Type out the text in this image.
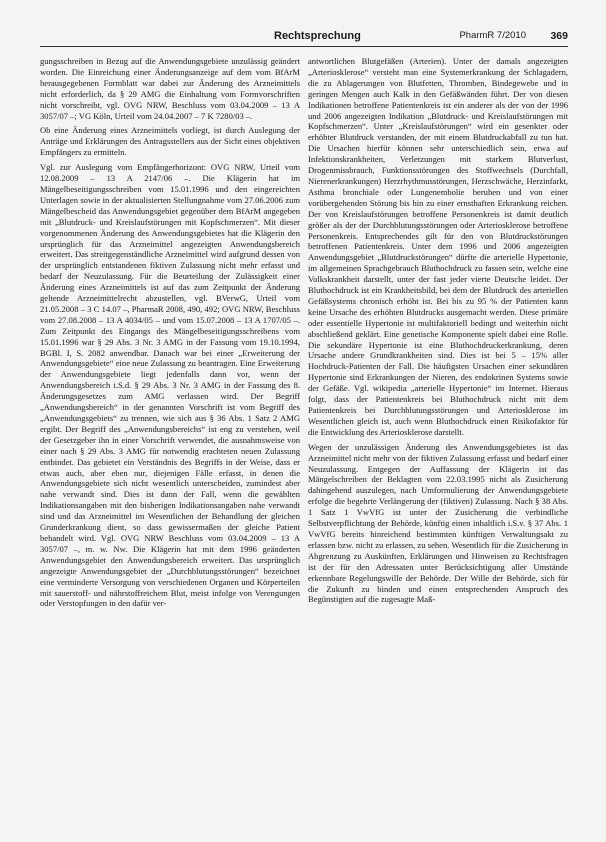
Rechtsprechung	PharmR 7/2010	369

gungsschreiben in Bezug auf die Anwendungsgebiete unzulässig geändert worden. Die Einreichung einer Änderungsanzeige auf dem vom BfArM herausgegebenen Formblatt war dabei zur Änderung des Arzneimittels nicht erforderlich, da § 29 AMG die Einhaltung vom Formvorschriften nicht vorschreibt, vgl. OVG NRW, Beschluss vom 03.04.2009 – 13 A 3057/07 –; VG Köln, Urteil vom 24.04.2007 – 7 K 7280/03 –.

Ob eine Änderung eines Arzneimittels vorliegt, ist durch Auslegung der Anträge und Erklärungen des Antragsstellers aus der Sicht eines objektiven Empfängers zu ermitteln.

Vgl. zur Auslegung vom Empfängerhorizont: OVG NRW, Urteil vom 12.08.2009 – 13 A 2147/06 –. Die Klägerin hat im Mängelbeseitigungsschreiben vom 15.01.1996 und den eingereichten Unterlagen sowie in der aktualisierten Stellungnahme vom 27.06.2006 zum Mängelbescheid das Anwendungsgebiet gegenüber dem BfArM angegeben mit „Blutdruck- und Kreislaufstörungen mit Kopfschmerzen“. Mit dieser vorgenommenen Änderung des Anwendungsgebietes hat die Klägerin den ursprünglich für das Arzneimittel angezeigten Anwendungsbereich erweitert. Das streitgegenständliche Arzneimittel wird aufgrund dessen von der ursprünglich entstandenen fiktiven Zulassung nicht mehr erfasst und bedarf der Neuzulassung. Für die Beurteilung der Zulässigkeit einer Änderung eines Arzneimittels ist auf das zum Zeitpunkt der Änderung geltende Arzneimittelrecht abzustellen, vgl. BVerwG, Urteil vom 21.05.2008 – 3 C 14.07 –, PharmaR 2008, 490, 492; OVG NRW, Beschluss vom 27.08.2008 – 13 A 4034/05 – und vom 15.07.2008 – 13 A 1707/05 –. Zum Zeitpunkt des Eingangs des Mängelbeseitigungsschreibens vom 15.01.1996 war § 29 Abs. 3 Nr. 3 AMG in der Fassung vom 19.10.1994, BGBl. I, S. 2082 anwendbar. Danach war bei einer „Erweiterung der Anwendungsgebiete“ eine neue Zulassung zu beantragen. Eine Erweiterung der Anwendungsgebiete liegt jedenfalls dann vor, wenn der Anwendungsbereich i.S.d. § 29 Abs. 3 Nr. 3 AMG in der Fassung des 8. Änderungsgesetzes zum AMG verlassen wird. Der Begriff „Anwendungsbereich“ in der genannten Vorschrift ist vom Begriff des „Anwendungsgebiets“ zu trennen, wie sich aus § 36 Abs. 1 Satz 2 AMG ergibt. Der Begriff des „Anwendungsbereichs“ ist eng zu verstehen, weil der Gesetzgeber ihn in einer Vorschrift verwendet, die ausnahmsweise von einer nach § 29 Abs. 3 AMG für notwendig erachteten neuen Zulassung entbindet. Das gebietet ein Verständnis des Begriffs in der Weise, dass er etwas auch, aber eben nur, diejenigen Fälle erfasst, in denen die Anwendungsgebiete sich nicht wesentlich unterscheiden, zumindest aber nahe verwandt sind. Dies ist dann der Fall, wenn die gewählten Indikationsangaben mit den bisherigen Indikationsangaben nahe verwandt sind und das Arzneimittel im Wesentlichen der Behandlung der gleichen Grunderkrankung dient, so dass gewissermaßen der gleiche Patient behandelt wird. Vgl. OVG NRW Beschluss vom 03.04.2009 – 13 A 3057/07 –, m. w. Nw. Die Klägerin hat mit dem 1996 geänderten Anwendungsgebiet den Anwendungsbereich erweitert. Das ursprünglich angezeigte Anwendungsgebiet der „Durchblutungsstörungen“ bezeichnet eine verminderte Versorgung von verschiedenen Organen und Körperteilen mit sauerstoff- und nährstoffreichem Blut, meist infolge von Verengungen oder Verstopfungen in den dafür ver-

antwortlichen Blutgefäßen (Arterien). Unter der damals angezeigten „Arteriosklerose“ versteht man eine Systemerkrankung der Schlagadern, die zu Ablagerungen von Blutfetten, Thromben, Bindegewebe und in geringen Mengen auch Kalk in den Gefäßwänden führt. Der von diesen Indikationen betroffene Patientenkreis ist ein anderer als der von der 1996 und 2006 angezeigten Indikation „Blutdruck- und Kreislaufstörungen mit Kopfschmerzen“. Unter „Kreislaufstörungen“ wird ein gesenkter oder erhöhter Blutdruck verstanden, der mit einem Blutdruckabfall zu tun hat. Die Ursachen hierfür können sehr unterschiedlich sein, etwa auf Infektionskrankheiten, Verletzungen mit starkem Blutverlust, Drogenmissbrauch, Funktionsstörungen des Stoffwechsels (Durchfall, Nierenerkrankungen) Herzrhythmusstörungen, Herzschwäche, Herzinfarkt, Asthma bronchiale oder Lungenembolie beruhen und von einer vorübergehenden Störung bis hin zu einer ernsthaften Erkrankung reichen. Der von Kreislaufstörungen betroffene Personenkreis ist damit deutlich größer als der der Durchblutungsstörungen oder Arteriosklerose betroffene Personenkreis. Entsprechendes gilt für den von Blutdruckstörungen betroffenen Patientenkreis. Unter dem 1996 und 2006 angezeigten Anwendungsgebiet „Blutdruckstörungen“ dürfte die arterielle Hypertonie, im allgemeinen Sprachgebrauch Bluthochdruck zu fassen sein, welche eine Volkskrankheit darstellt, unter der fast jeder vierte Deutsche leidet. Der Bluthochdruck ist ein Krankheitsbild, bei dem der Blutdruck des arteriellen Gefäßsystems chronisch erhöht ist. Bei bis zu 95 % der Patienten kann keine Ursache des erhöhten Blutdrucks ausgemacht werden. Diese primäre oder essentielle Hypertonie ist multifaktoriell bedingt und weiterhin nicht abschließend geklärt. Eine genetische Komponente spielt dabei eine Rolle. Die sekundäre Hypertonie ist eine Bluthochdruckerkrankung, deren Ursache andere Grundkrankheiten sind. Dies ist bei 5 – 15% aller Hochdruck-Patienten der Fall. Die häufigsten Ursachen einer sekundären Hypertonie sind Erkrankungen der Nieren, des endokrinen Systems sowie der Gefäße. Vgl. wikipedia „arterielle Hypertonie“ im Internet. Hieraus folgt, dass der Patientenkreis bei Bluthochdruck nicht mit dem Patientenkreis bei Durchblutungsstörungen und Arteriosklerose im Wesentlichen gleich ist, auch wenn Bluthochdruck einen Risikofaktor für die Entwicklung des Arteriosklerose darstellt.

Wegen der unzulässigen Änderung des Anwendungsgebietes ist das Arzneimittel nicht mehr von der fiktiven Zulassung erfasst und bedarf einer Neuzulassung. Entgegen der Auffassung der Klägerin ist das Mängelschreiben der Beklagten vom 22.03.1995 nicht als Zusicherung dahingehend auszulegen, nach Umformulierung der Anwendungsgebiete erfolge die begehrte Verlängerung der (fiktiven) Zulassung. Nach § 38 Abs. 1 Satz 1 VwVfG ist unter der Zusicherung die verbindliche Selbstverpflichtung der Behörde, künftig einen inhaltlich i.S.v. § 37 Abs. 1 VwVfG bereits hinreichend bestimmten künftigen Verwaltungsakt zu erlassen bzw. nicht zu erlassen, zu sehen. Wesentlich für die Zusicherung in Abgrenzung zu Auskünften, Erklärungen und Hinweisen zu Rechtsfragen ist der für den Adressaten unter Berücksichtigung aller Umstände erkennbare Regelungswille der Behörde. Der Wille der Behörde, sich für die Zukunft zu binden und einen entsprechenden Anspruch des Begünstigten auf die zugesagte Maß-
